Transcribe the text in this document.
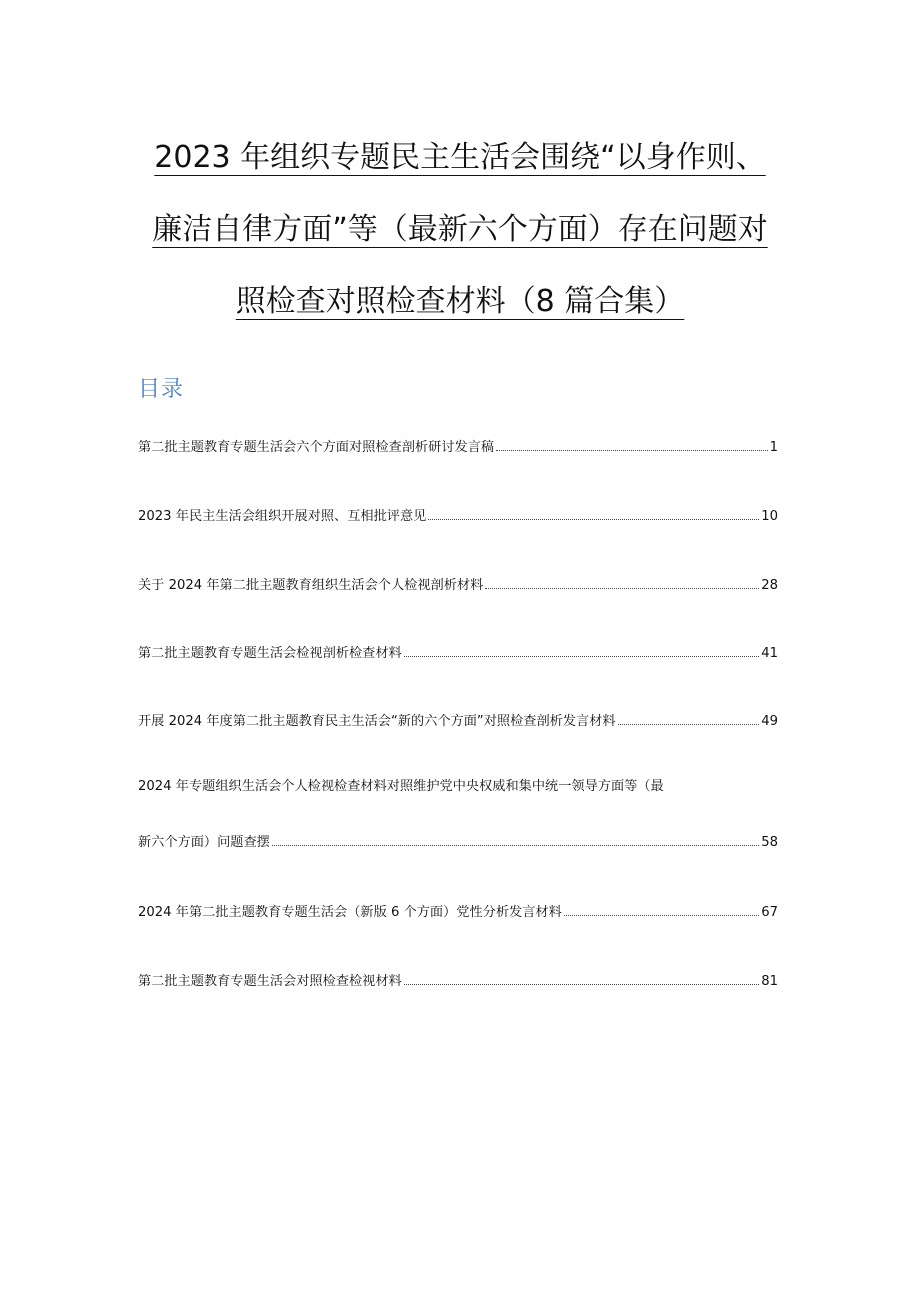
2023 年组织专题民主生活会围绕“以身作则、
廉洁自律方面”等（最新六个方面）存在问题对
照检查对照检查材料（8 篇合集）
目录
第二批主题教育专题生活会六个方面对照检查剖析研讨发言稿	1
2023 年民主生活会组织开展对照、互相批评意见	10
关于 2024 年第二批主题教育组织生活会个人检视剖析材料	28
第二批主题教育专题生活会检视剖析检查材料	41
开展 2024 年度第二批主题教育民主生活会“新的六个方面”对照检查剖析发言材料	49
2024 年专题组织生活会个人检视检查材料对照维护党中央权威和集中统一领导方面等（最
新六个方面）问题查摆	58
2024 年第二批主题教育专题生活会（新版 6 个方面）党性分析发言材料	67
第二批主题教育专题生活会对照检查检视材料	81
